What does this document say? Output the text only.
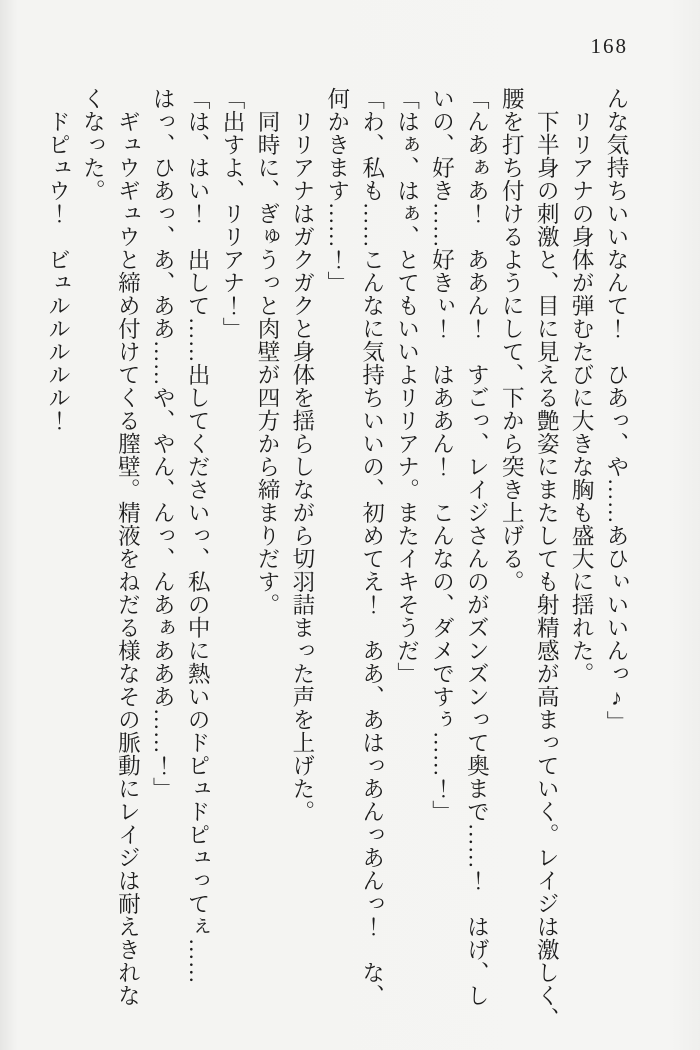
168
んな気持ちいいなんて！　ひあっ、や……あひぃいいんっ♪」
　リリアナの身体が弾むたびに大きな胸も盛大に揺れた。
　下半身の刺激と、目に見える艶姿にまたしても射精感が高まっていく。レイジは激しく、
腰を打ち付けるようにして、下から突き上げる。
「んあぁあ！　ああん！　すごっ、レイジさんのがズンズンって奥まで……！　はげ、し
いの、好き……好きぃ！　はああん！　こんなの、ダメですぅ……！」
「はぁ、はぁ、とてもいいよリリアナ。またイキそうだ」
「わ、私も……こんなに気持ちいいの、初めてえ！　ああ、あはっあんっあんっ！　な、
何かきます……！」
　リリアナはガクガクと身体を揺らしながら切羽詰まった声を上げた。
　同時に、ぎゅうっと肉壁が四方から締まりだす。
「出すよ、リリアナ！」
「は、はい！　出して……出してくださいっ、私の中に熱いのドピュドピュってぇ……
はっ、ひあっ、あ、ああ……や、やん、んっ、んあぁあああ……！」
　ギュウギュウと締め付けてくる膣壁。精液をねだる様なその脈動にレイジは耐えきれな
くなった。
　ドピュウ！　ビュルルルルル！
